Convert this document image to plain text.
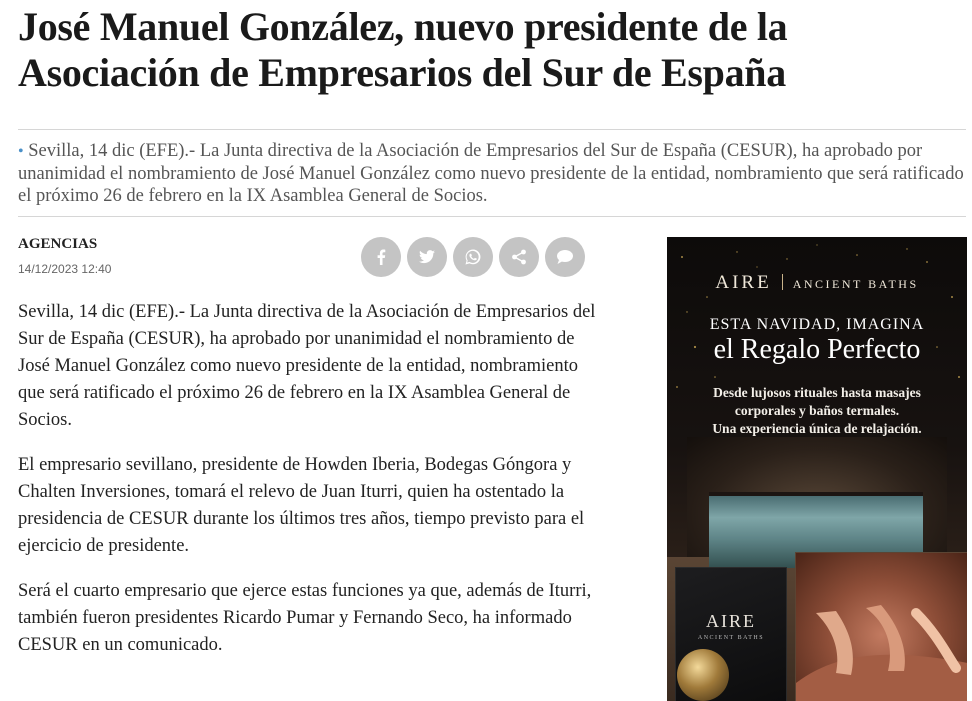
José Manuel González, nuevo presidente de la Asociación de Empresarios del Sur de España

• Sevilla, 14 dic (EFE).- La Junta directiva de la Asociación de Empresarios del Sur de España (CESUR), ha aprobado por unanimidad el nombramiento de José Manuel González como nuevo presidente de la entidad, nombramiento que será ratificado el próximo 26 de febrero en la IX Asamblea General de Socios.

AGENCIAS

14/12/2023 12:40

Sevilla, 14 dic (EFE).- La Junta directiva de la Asociación de Empresarios del Sur de España (CESUR), ha aprobado por unanimidad el nombramiento de José Manuel González como nuevo presidente de la entidad, nombramiento que será ratificado el próximo 26 de febrero en la IX Asamblea General de Socios.

El empresario sevillano, presidente de Howden Iberia, Bodegas Góngora y Chalten Inversiones, tomará el relevo de Juan Iturri, quien ha ostentado la presidencia de CESUR durante los últimos tres años, tiempo previsto para el ejercicio de presidente.

Será el cuarto empresario que ejerce estas funciones ya que, además de Iturri, también fueron presidentes Ricardo Pumar y Fernando Seco, ha informado CESUR en un comunicado.

AIRE ANCIENT BATHS
ESTA NAVIDAD, IMAGINA
el Regalo Perfecto
Desde lujosos rituales hasta masajes
corporales y baños termales.
Una experiencia única de relajación.
AIRE
ANCIENT BATHS
